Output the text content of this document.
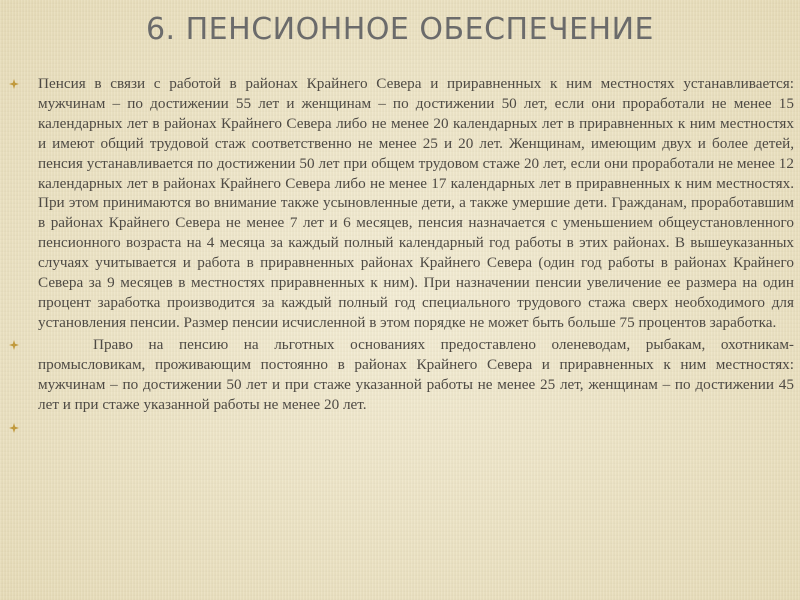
6. ПЕНСИОННОЕ ОБЕСПЕЧЕНИЕ
Пенсия в связи с работой в районах Крайнего Севера и приравненных к ним местностях устанавливается: мужчинам – по достижении 55 лет и женщинам – по достижении 50 лет, если они проработали не менее 15 календарных лет в районах Крайнего Севера либо не менее 20 календарных лет в приравненных к ним местностях и имеют общий трудовой стаж соответственно не менее 25 и 20 лет. Женщинам, имеющим двух и более детей, пенсия устанавливается по достижении 50 лет при общем трудовом стаже 20 лет, если они проработали не менее 12 календарных лет в районах Крайнего Севера либо не менее 17 календарных лет в приравненных к ним местностях. При этом принимаются во внимание также усыновленные дети, а также умершие дети. Гражданам, проработавшим в районах Крайнего Севера не менее 7 лет и 6 месяцев, пенсия назначается с уменьшением общеустановленного пенсионного возраста на 4 месяца за каждый полный календарный год работы в этих районах. В вышеуказанных случаях учитывается и работа в приравненных районах Крайнего Севера (один год работы в районах Крайнего Севера за 9 месяцев в местностях приравненных к ним). При назначении пенсии увеличение ее размера на один процент заработка производится за каждый полный год специального трудового стажа сверх необходимого для установления пенсии. Размер пенсии исчисленной в этом порядке не может быть больше 75 процентов заработка.
Право на пенсию на льготных основаниях предоставлено оленеводам, рыбакам, охотникам-промысловикам, проживающим постоянно в районах Крайнего Севера и приравненных к ним местностях: мужчинам – по достижении 50 лет и при стаже указанной работы не менее 25 лет, женщинам – по достижении 45 лет и при стаже указанной работы не менее 20 лет.
